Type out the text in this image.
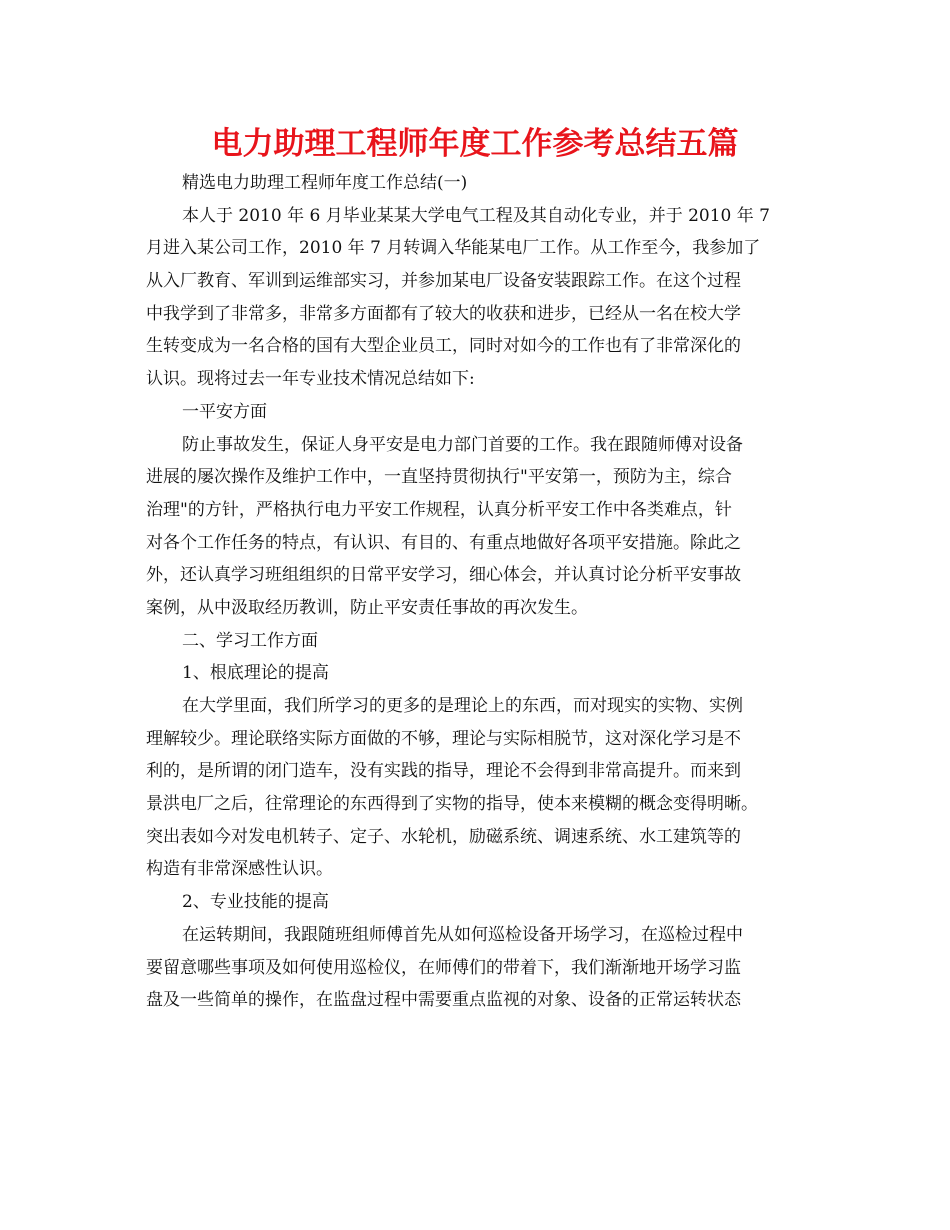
电力助理工程师年度工作参考总结五篇
精选电力助理工程师年度工作总结(一)
本人于 2010 年 6 月毕业某某大学电气工程及其自动化专业，并于 2010 年 7
月进入某公司工作，2010 年 7 月转调入华能某电厂工作。从工作至今，我参加了
从入厂教育、军训到运维部实习，并参加某电厂设备安装跟踪工作。在这个过程
中我学到了非常多，非常多方面都有了较大的收获和进步，已经从一名在校大学
生转变成为一名合格的国有大型企业员工，同时对如今的工作也有了非常深化的
认识。现将过去一年专业技术情况总结如下:
一平安方面
防止事故发生，保证人身平安是电力部门首要的工作。我在跟随师傅对设备
进展的屡次操作及维护工作中，一直坚持贯彻执行"平安第一，预防为主，综合
治理"的方针，严格执行电力平安工作规程，认真分析平安工作中各类难点，针
对各个工作任务的特点，有认识、有目的、有重点地做好各项平安措施。除此之
外，还认真学习班组组织的日常平安学习，细心体会，并认真讨论分析平安事故
案例，从中汲取经历教训，防止平安责任事故的再次发生。
二、学习工作方面
1、根底理论的提高
在大学里面，我们所学习的更多的是理论上的东西，而对现实的实物、实例
理解较少。理论联络实际方面做的不够，理论与实际相脱节，这对深化学习是不
利的，是所谓的闭门造车，没有实践的指导，理论不会得到非常高提升。而来到
景洪电厂之后，往常理论的东西得到了实物的指导，使本来模糊的概念变得明晰。
突出表如今对发电机转子、定子、水轮机，励磁系统、调速系统、水工建筑等的
构造有非常深感性认识。
2、专业技能的提高
在运转期间，我跟随班组师傅首先从如何巡检设备开场学习，在巡检过程中
要留意哪些事项及如何使用巡检仪，在师傅们的带着下，我们渐渐地开场学习监
盘及一些简单的操作，在监盘过程中需要重点监视的对象、设备的正常运转状态
